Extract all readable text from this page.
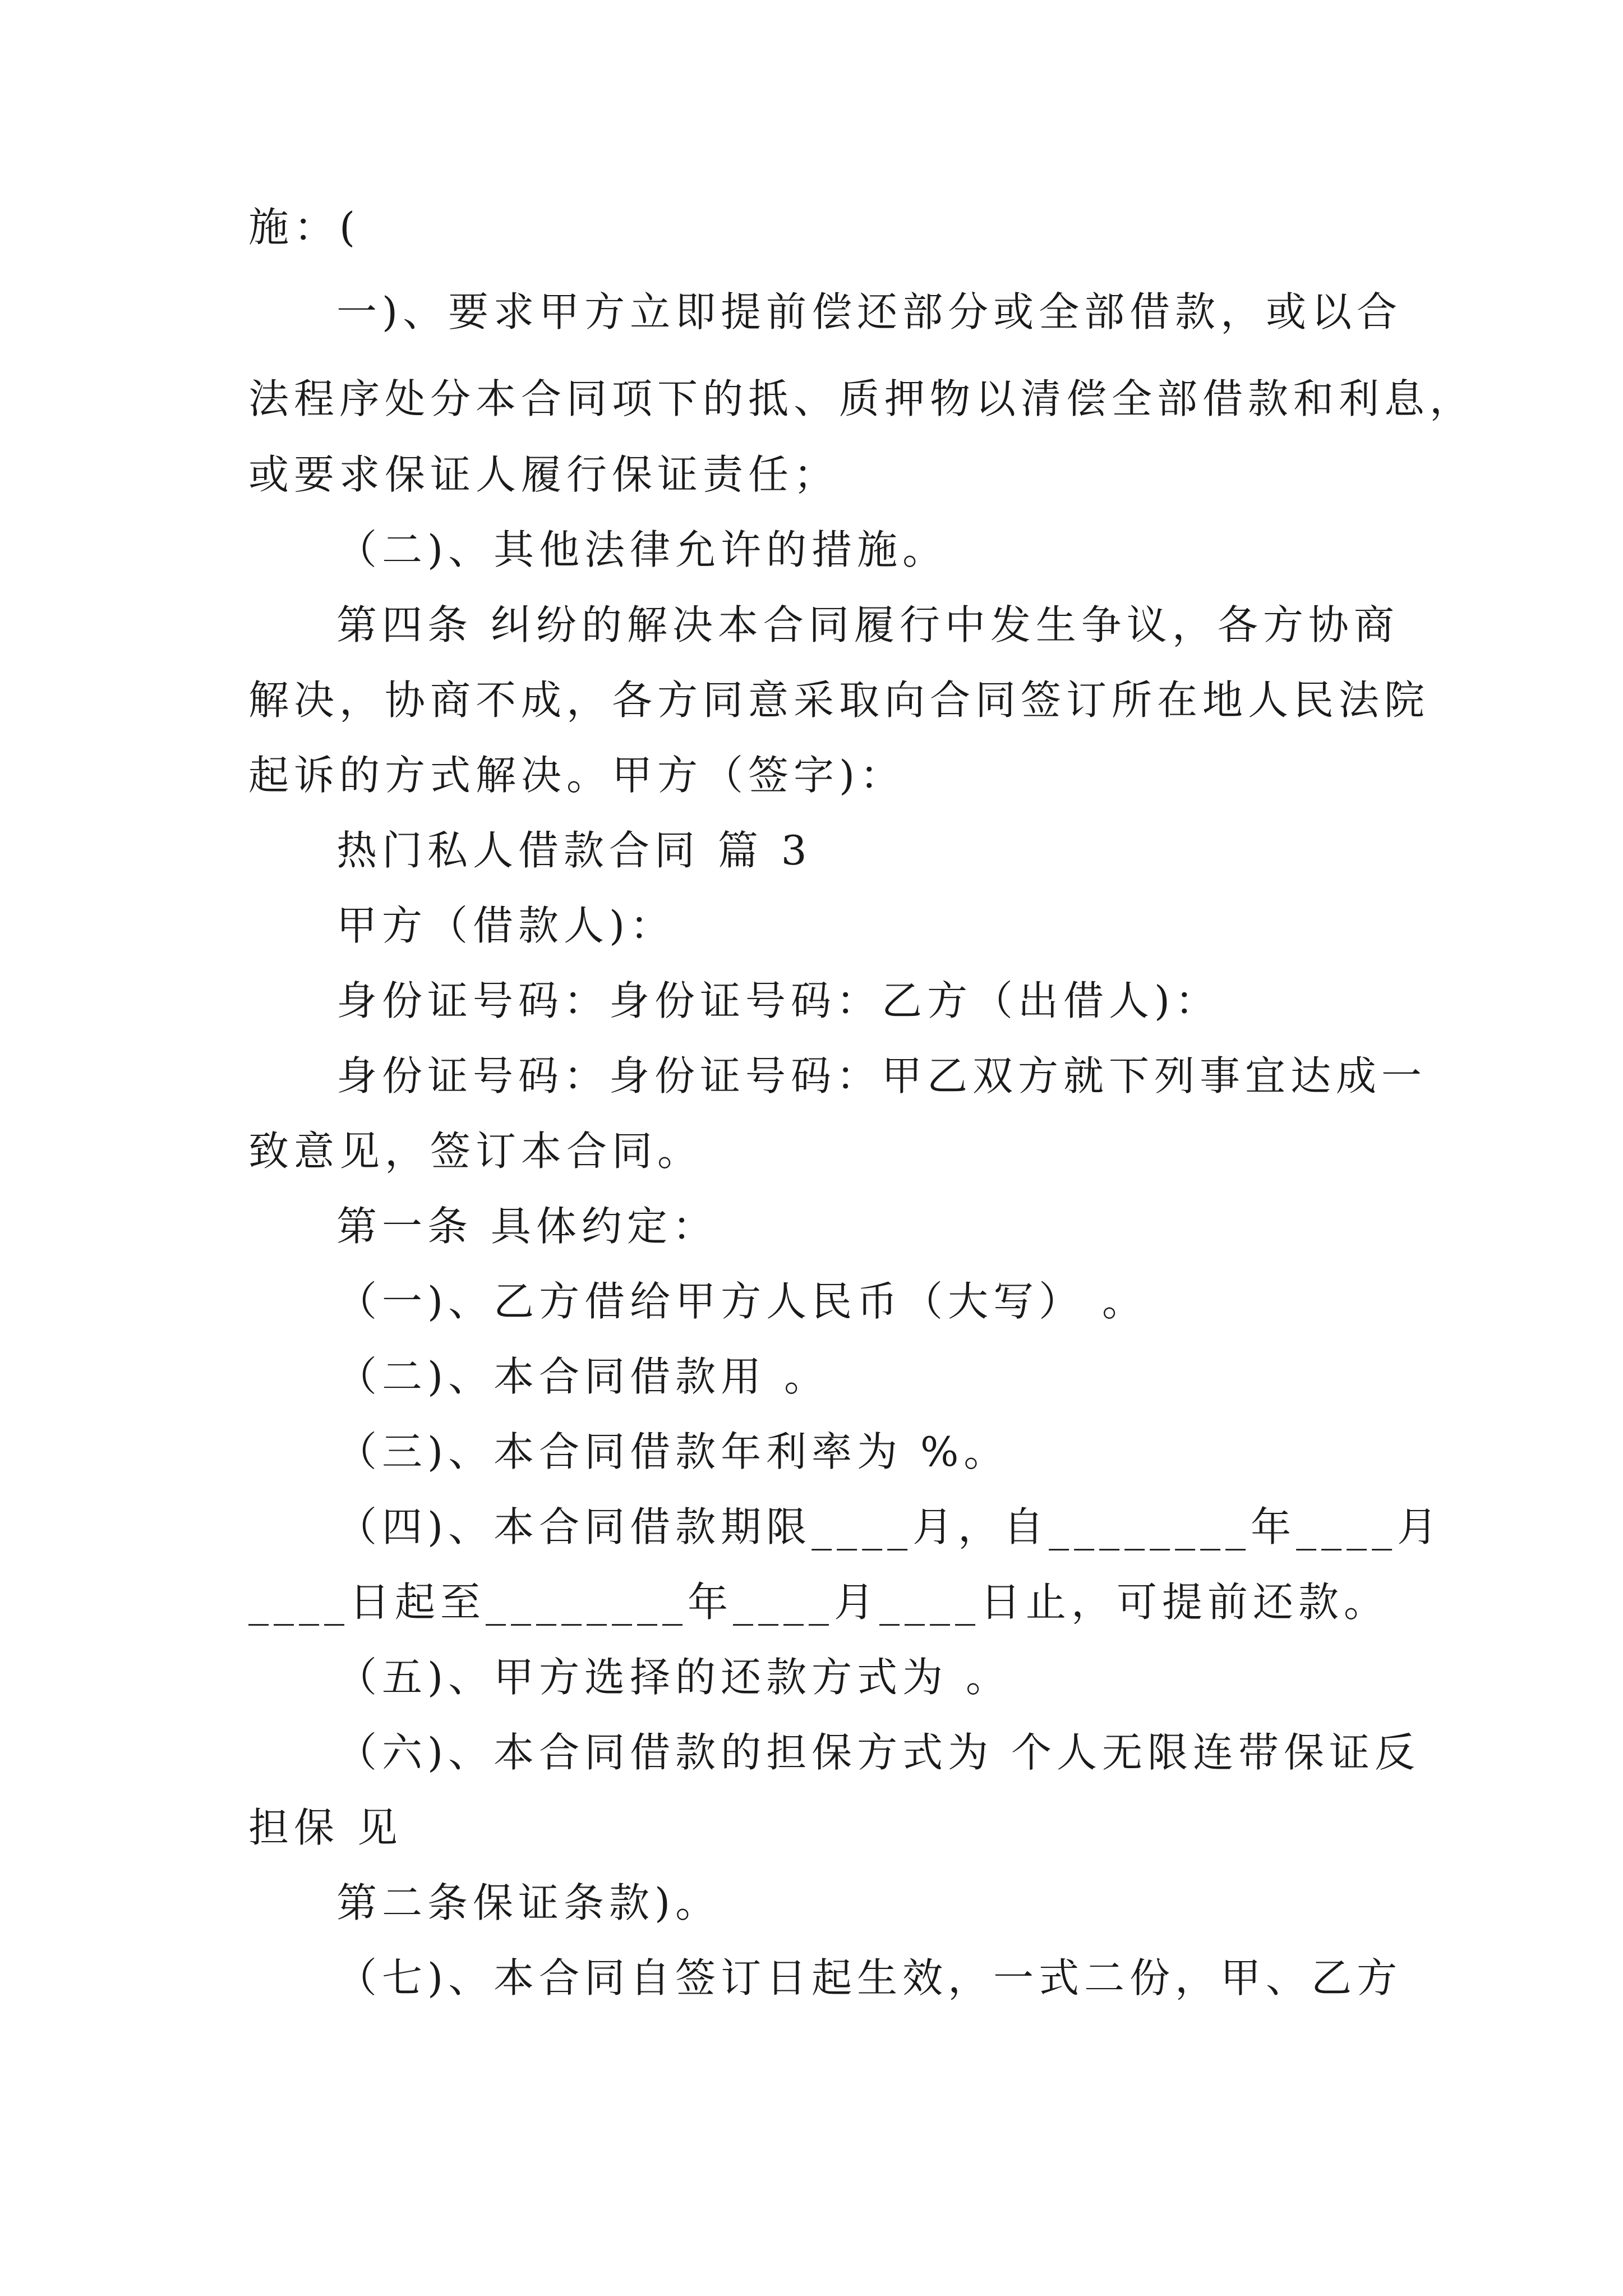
施：(
一)、要求甲方立即提前偿还部分或全部借款，或以合
法程序处分本合同项下的抵、质押物以清偿全部借款和利息，
或要求保证人履行保证责任；
（二)、其他法律允许的措施。
第四条 纠纷的解决本合同履行中发生争议，各方协商
解决，协商不成，各方同意采取向合同签订所在地人民法院
起诉的方式解决。甲方（签字)：
热门私人借款合同 篇 3
甲方（借款人)：
身份证号码：身份证号码：乙方（出借人)：
身份证号码：身份证号码：甲乙双方就下列事宜达成一
致意见，签订本合同。
第一条 具体约定：
（一)、乙方借给甲方人民币（大写） 。
（二)、本合同借款用 。
（三)、本合同借款年利率为 %。
（四)、本合同借款期限____月，自________年____月
____日起至________年____月____日止，可提前还款。
（五)、甲方选择的还款方式为 。
（六)、本合同借款的担保方式为 个人无限连带保证反
担保 见
第二条保证条款)。
（七)、本合同自签订日起生效，一式二份，甲、乙方
